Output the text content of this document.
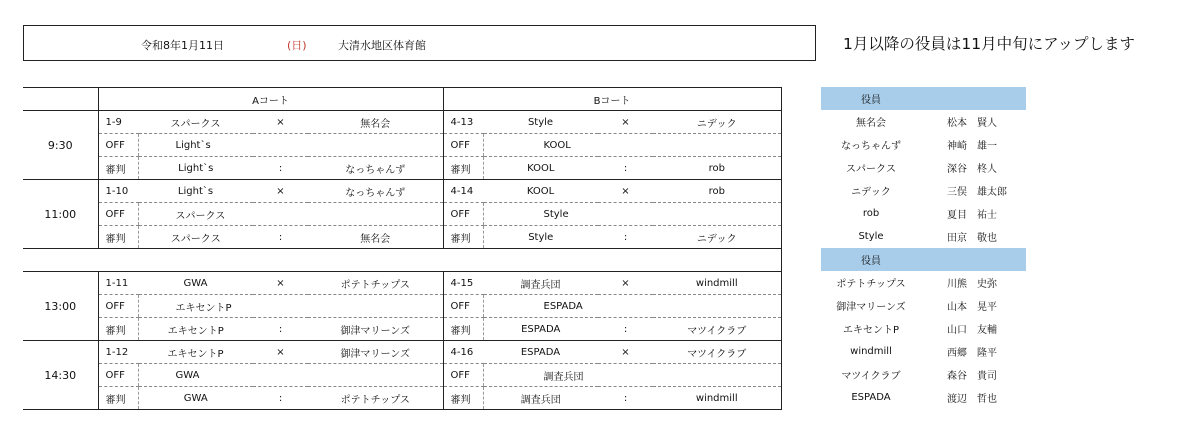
令和8年1月11日	(日)	大清水地区体育館	1月以降の役員は11月中旬にアップします
	Aコート				Bコート			
9:30	1-9	スパークス	×	無名会	4-13	Style	×	ニデック
	OFF	Light`s			OFF	KOOL		
	審判	Light`s	:	なっちゃんず	審判	KOOL	:	rob
11:00	1-10	Light`s	×	なっちゃんず	4-14	KOOL	×	rob
	OFF	スパークス			OFF	Style		
	審判	スパークス	:	無名会	審判	Style	:	ニデック

13:00	1-11	GWA	×	ポテトチップス	4-15	調査兵団	×	windmill
	OFF	エキセントP			OFF	ESPADA		
	審判	エキセントP	:	御津マリーンズ	審判	ESPADA	:	マツイクラブ
14:30	1-12	エキセントP	×	御津マリーンズ	4-16	ESPADA	×	マツイクラブ
	OFF	GWA			OFF	調査兵団		
	審判	GWA	:	ポテトチップス	審判	調査兵団	:	windmill
役員	
無名会	松本　賢人
なっちゃんず	神崎　雄一
スパークス	深谷　柊人
ニデック	三俣　雄太郎
rob	夏目　祐士
Style	田京　敬也
役員	
ポテトチップス	川熊　史弥
御津マリーンズ	山本　晃平
エキセントP	山口　友輔
windmill	西郷　隆平
マツイクラブ	森谷　貴司
ESPADA	渡辺　哲也
